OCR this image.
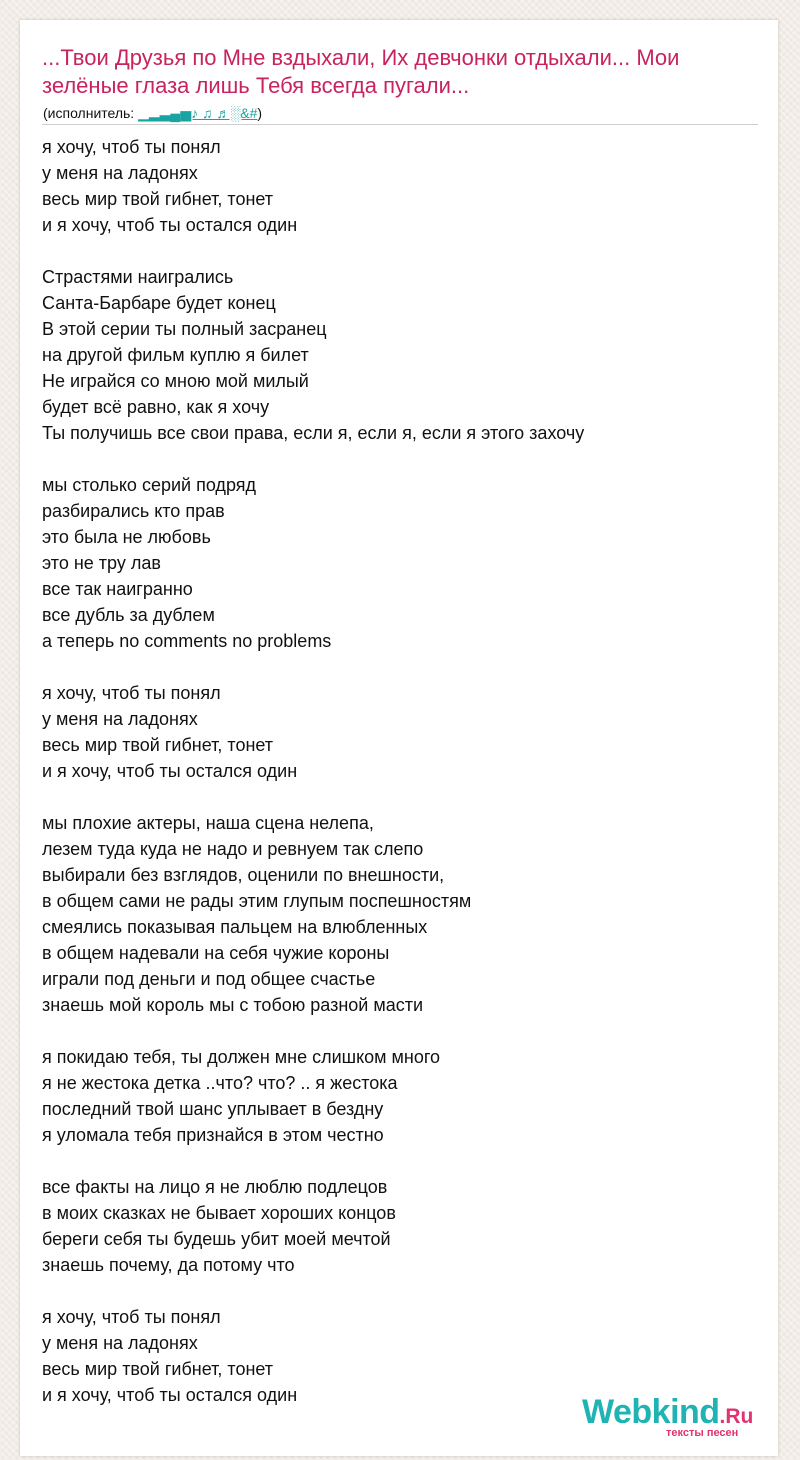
...Твои Друзья по Мне вздыхали, Их девчонки отдыхали... Мои зелёные глаза лишь Тебя всегда пугали...
(исполнитель: ▁▂▃▄▅♪ ♫ ♬░&#)
я хочу, чтоб ты понял
у меня на ладонях
весь мир твой гибнет, тонет
и я хочу, чтоб ты остался один
Страстями наигрались
Санта-Барбаре будет конец
В этой серии ты полный засранец
на другой фильм куплю я билет
Не играйся со мною мой милый
будет всё равно, как я хочу
Ты получишь все свои права, если я, если я, если я этого захочу
мы столько серий подряд
разбирались кто прав
это была не любовь
это не тру лав
все так наигранно
все дубль за дублем
а теперь no comments no problems
я хочу, чтоб ты понял
у меня на ладонях
весь мир твой гибнет, тонет
и я хочу, чтоб ты остался один
мы плохие актеры, наша сцена нелепа,
лезем туда куда не надо и ревнуем так слепо
выбирали без взглядов, оценили по внешности,
в общем сами не рады этим глупым поспешностям
смеялись показывая пальцем на влюбленных
в общем надевали на себя чужие короны
играли под деньги и под общее счастье
знаешь мой король мы с тобою разной масти
я покидаю тебя, ты должен мне слишком много
я не жестока детка ..что? что? .. я жестока
последний твой шанс уплывает в бездну
я уломала тебя признайся в этом честно
все факты на лицо я не люблю подлецов
в моих сказках не бывает хороших концов
береги себя ты будешь убит моей мечтой
знаешь почему, да потому что
я хочу, чтоб ты понял
у меня на ладонях
весь мир твой гибнет, тонет
и я хочу, чтоб ты остался один	Webkind.Ru
тексты песен
